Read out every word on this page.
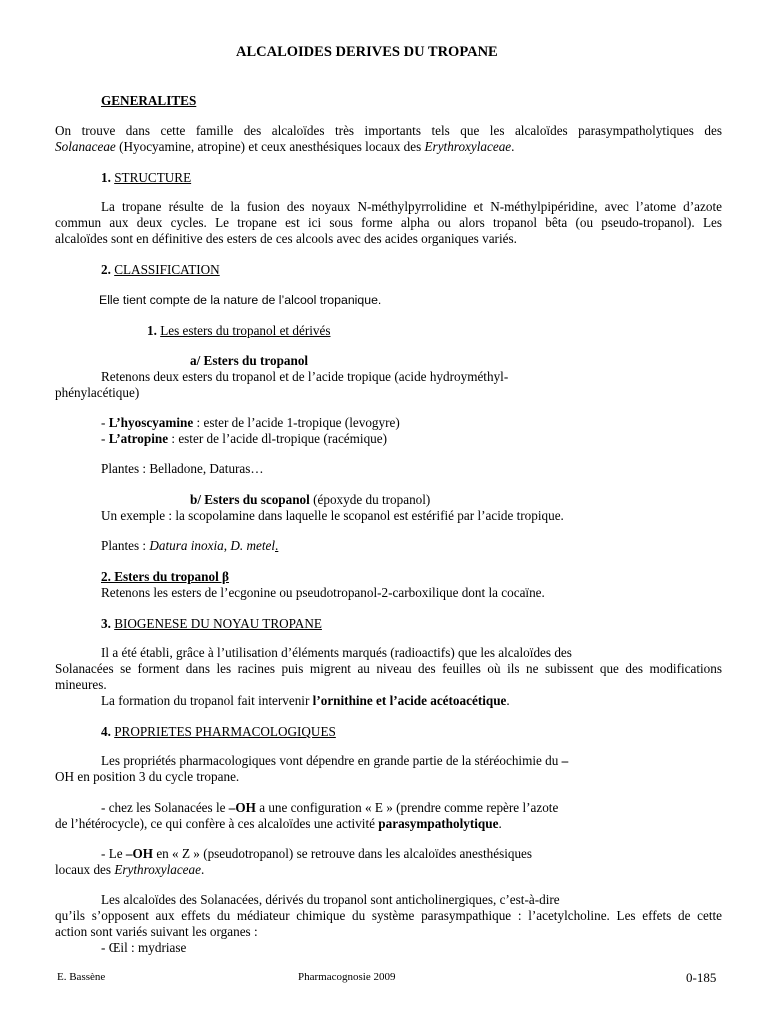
ALCALOIDES DERIVES DU TROPANE
GENERALITES
On trouve dans cette famille des alcaloïdes très importants tels que les alcaloïdes parasympatholytiques des
Solanaceae (Hyocyamine, atropine) et ceux anesthésiques locaux des Erythroxylaceae.
1. STRUCTURE
La tropane résulte de la fusion des noyaux N-méthylpyrrolidine et N-méthylpipéridine, avec l’atome d’azote
commun aux deux cycles. Le tropane est ici sous forme alpha ou alors tropanol bêta (ou pseudo-tropanol). Les
alcaloïdes sont en définitive des esters de ces alcools avec des acides organiques variés.
2. CLASSIFICATION
Elle tient compte de la nature de l’alcool tropanique.
1. Les esters du tropanol et dérivés
a/ Esters du tropanol
Retenons deux esters du tropanol et de l’acide tropique (acide hydroyméthyl-
phénylacétique)
- L’hyoscyamine : ester de l’acide 1-tropique (levogyre)
- L’atropine : ester de l’acide dl-tropique (racémique)
Plantes : Belladone, Daturas…
b/ Esters du scopanol (époxyde du tropanol)
Un exemple : la scopolamine dans laquelle le scopanol est estérifié par l’acide tropique.
Plantes : Datura inoxia, D. metel.
2. Esters du tropanol β
Retenons les esters de l’ecgonine ou pseudotropanol-2-carboxilique dont la cocaïne.
3. BIOGENESE DU NOYAU TROPANE
Il a été établi, grâce à l’utilisation d’éléments marqués (radioactifs) que les alcaloïdes des
Solanacées se forment dans les racines puis migrent au niveau des feuilles où ils ne subissent que des modifications
mineures.
La formation du tropanol fait intervenir l’ornithine et l’acide acétoacétique.
4. PROPRIETES PHARMACOLOGIQUES
Les propriétés pharmacologiques vont dépendre en grande partie de la stéréochimie du –
OH en position 3 du cycle tropane.
- chez les Solanacées le –OH a une configuration « E » (prendre comme repère l’azote
de l’hétérocycle), ce qui confère à ces alcaloïdes une activité parasympatholytique.
- Le –OH en « Z » (pseudotropanol) se retrouve dans les alcaloïdes anesthésiques
locaux des Erythroxylaceae.
Les alcaloïdes des Solanacées, dérivés du tropanol sont anticholinergiques, c’est-à-dire
qu’ils s’opposent aux effets du médiateur chimique du système parasympathique : l’acetylcholine. Les effets de cette
action sont variés suivant les organes :
- Œil : mydriase
E. Bassène	Pharmacognosie 2009	0-185
